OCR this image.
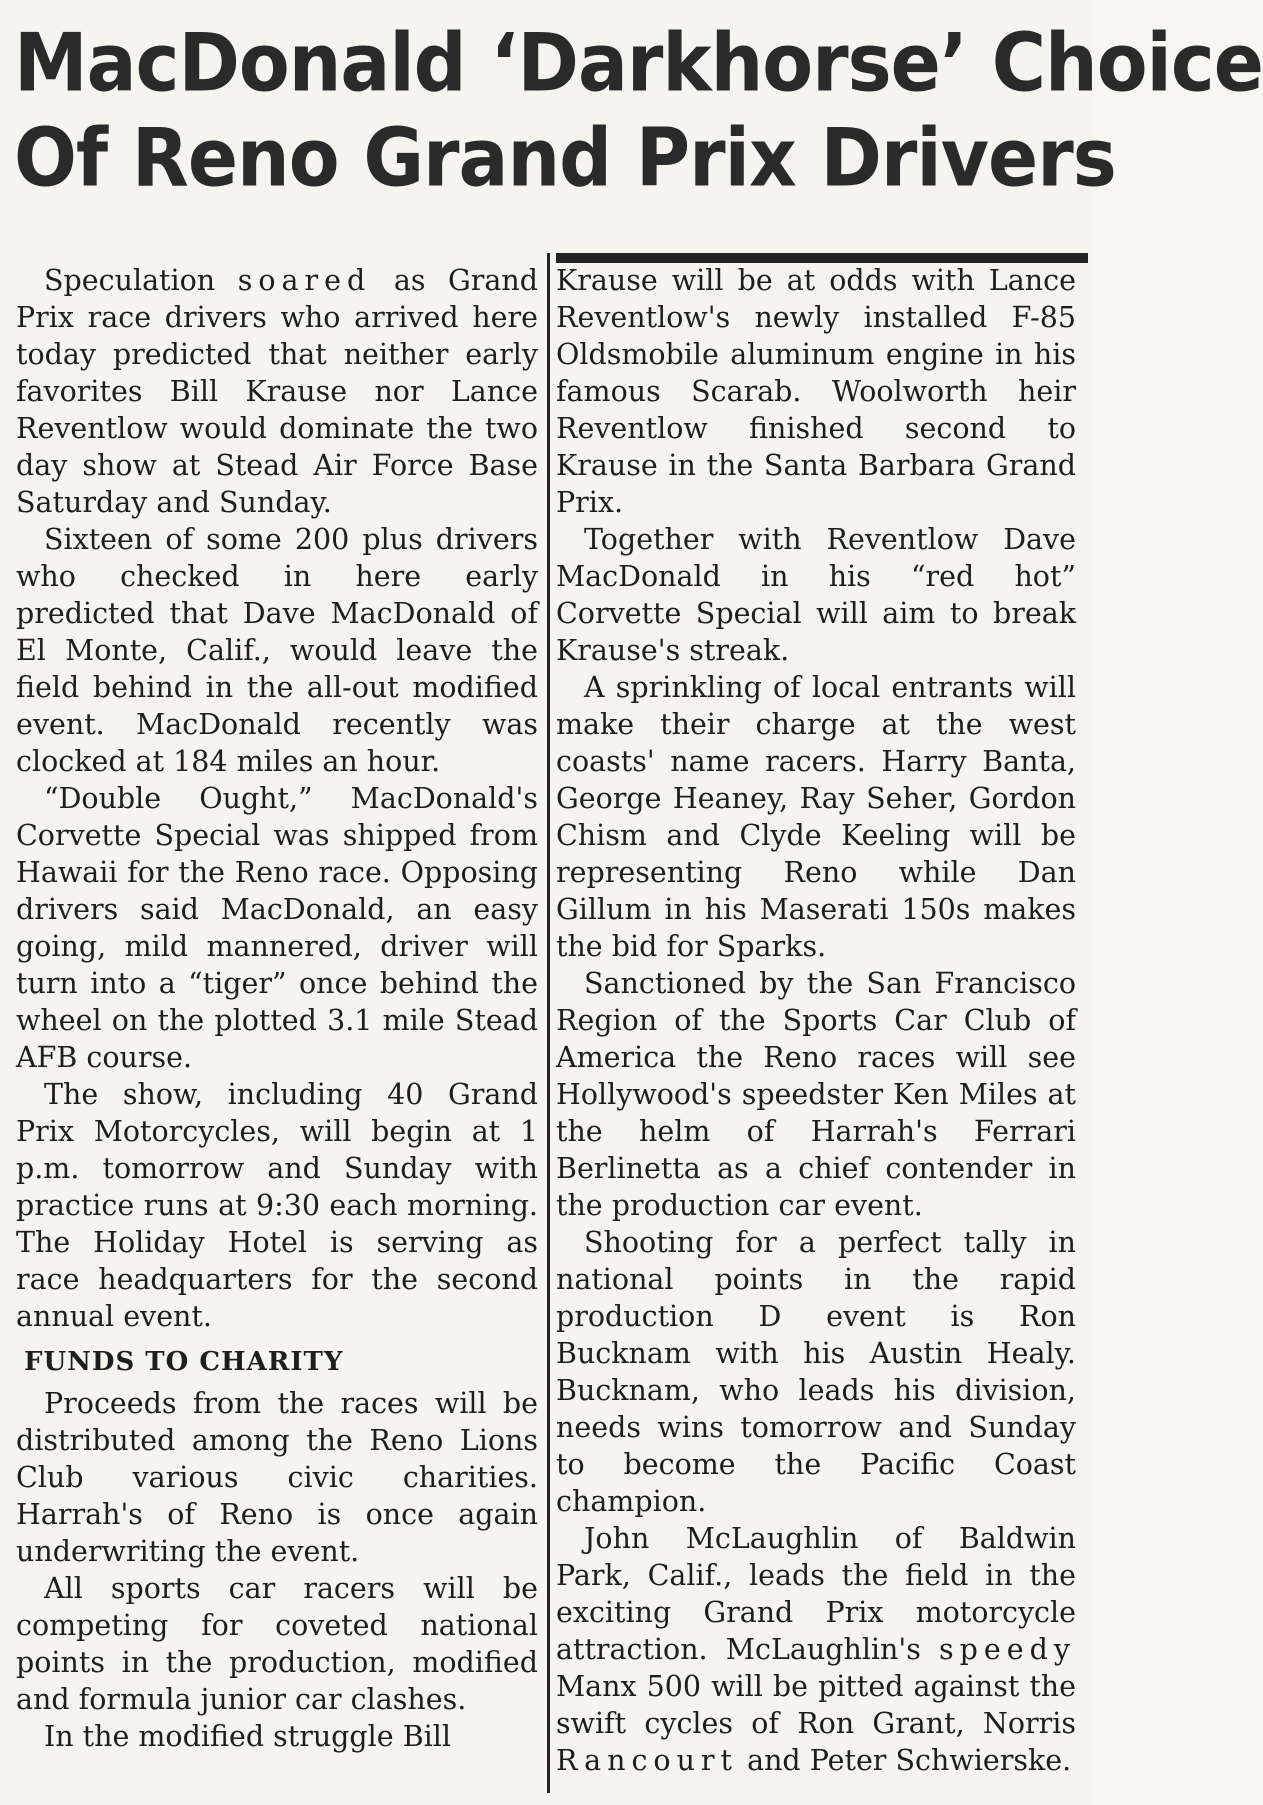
MacDonald ‘Darkhorse’ Choice
Of Reno Grand Prix Drivers

Speculation soared as Grand Prix race drivers who arrived here today predicted that neither early favorites Bill Krause nor Lance Reventlow would dominate the two day show at Stead Air Force Base Saturday and Sunday.

Sixteen of some 200 plus drivers who checked in here early predicted that Dave MacDonald of El Monte, Calif., would leave the field behind in the all-out modified event. MacDonald recently was clocked at 184 miles an hour.

“Double Ought,” MacDonald's Corvette Special was shipped from Hawaii for the Reno race. Opposing drivers said MacDonald, an easy going, mild mannered, driver will turn into a “tiger” once behind the wheel on the plotted 3.1 mile Stead AFB course.

The show, including 40 Grand Prix Motorcycles, will begin at 1 p.m. tomorrow and Sunday with practice runs at 9:30 each morning. The Holiday Hotel is serving as race headquarters for the second annual event.

FUNDS TO CHARITY

Proceeds from the races will be distributed among the Reno Lions Club various civic charities. Harrah's of Reno is once again underwriting the event.

All sports car racers will be competing for coveted national points in the production, modified and formula junior car clashes.

In the modified struggle Bill

Krause will be at odds with Lance Reventlow's newly installed F-85 Oldsmobile aluminum engine in his famous Scarab. Woolworth heir Reventlow finished second to Krause in the Santa Barbara Grand Prix.

Together with Reventlow Dave MacDonald in his “red hot” Corvette Special will aim to break Krause's streak.

A sprinkling of local entrants will make their charge at the west coasts' name racers. Harry Banta, George Heaney, Ray Seher, Gordon Chism and Clyde Keeling will be representing Reno while Dan Gillum in his Maserati 150s makes the bid for Sparks.

Sanctioned by the San Francisco Region of the Sports Car Club of America the Reno races will see Hollywood's speedster Ken Miles at the helm of Harrah's Ferrari Berlinetta as a chief contender in the production car event.

Shooting for a perfect tally in national points in the rapid production D event is Ron Bucknam with his Austin Healy. Bucknam, who leads his division, needs wins tomorrow and Sunday to become the Pacific Coast champion.

John McLaughlin of Baldwin Park, Calif., leads the field in the exciting Grand Prix motorcycle attraction. McLaughlin's speedy Manx 500 will be pitted against the swift cycles of Ron Grant, Norris Rancourt and Peter Schwierske.
